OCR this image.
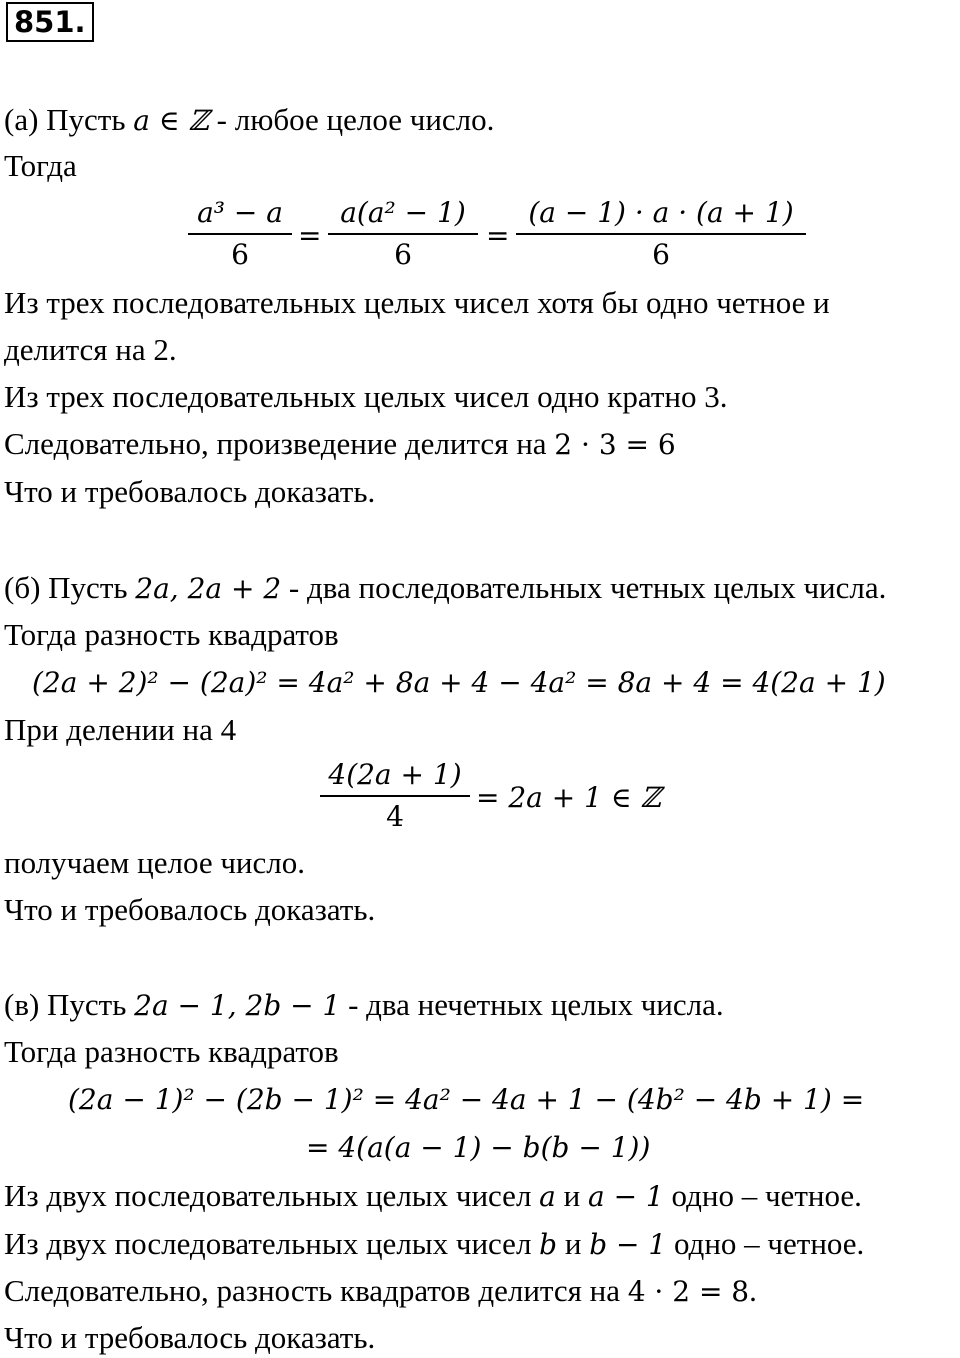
851.
(a) Пусть a ∈ ℤ - любое целое число.
Тогда
a³ − a
6
=
a(a² − 1)
6
=
(a − 1) · a · (a + 1)
6
Из трех последовательных целых чисел хотя бы одно четное и
делится на 2.
Из трех последовательных целых чисел одно кратно 3.
Следовательно, произведение делится на 2 · 3 = 6
Что и требовалось доказать.
(б) Пусть 2a, 2a + 2 - два последовательных четных целых числа.
Тогда разность квадратов
(2a + 2)² − (2a)² = 4a² + 8a + 4 − 4a² = 8a + 4 = 4(2a + 1)
При делении на 4
4(2a + 1)
4
= 2a + 1 ∈ ℤ
получаем целое число.
Что и требовалось доказать.
(в) Пусть 2a − 1, 2b − 1 - два нечетных целых числа.
Тогда разность квадратов
(2a − 1)² − (2b − 1)² = 4a² − 4a + 1 − (4b² − 4b + 1) =
= 4(a(a − 1) − b(b − 1))
Из двух последовательных целых чисел a и a − 1 одно – четное.
Из двух последовательных целых чисел b и b − 1 одно – четное.
Следовательно, разность квадратов делится на 4 · 2 = 8.
Что и требовалось доказать.
